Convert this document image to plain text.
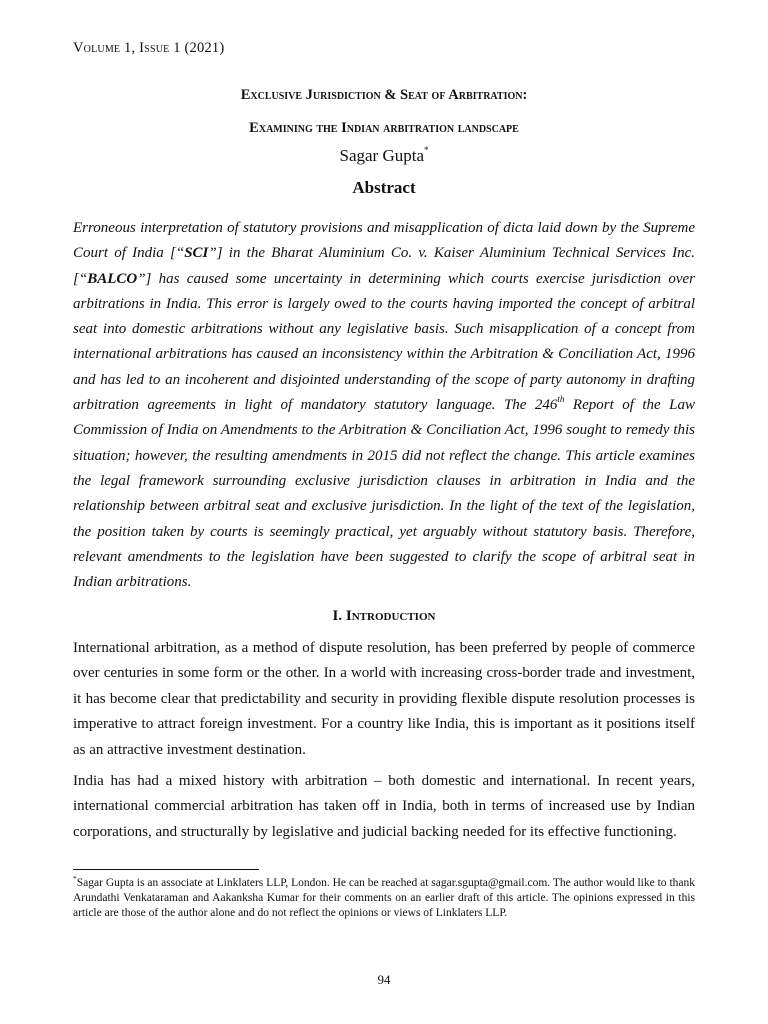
Volume 1, Issue 1 (2021)

Exclusive Jurisdiction & Seat of Arbitration:

Examining the Indian arbitration landscape

Sagar Gupta*
Abstract

Erroneous interpretation of statutory provisions and misapplication of dicta laid down by the Supreme Court of India [“SCI”] in the Bharat Aluminium Co. v. Kaiser Aluminium Technical Services Inc. [“BALCO”] has caused some uncertainty in determining which courts exercise jurisdiction over arbitrations in India. This error is largely owed to the courts having imported the concept of arbitral seat into domestic arbitrations without any legislative basis. Such misapplication of a concept from international arbitrations has caused an inconsistency within the Arbitration & Conciliation Act, 1996 and has led to an incoherent and disjointed understanding of the scope of party autonomy in drafting arbitration agreements in light of mandatory statutory language. The 246th Report of the Law Commission of India on Amendments to the Arbitration & Conciliation Act, 1996 sought to remedy this situation; however, the resulting amendments in 2015 did not reflect the change. This article examines the legal framework surrounding exclusive jurisdiction clauses in arbitration in India and the relationship between arbitral seat and exclusive jurisdiction. In the light of the text of the legislation, the position taken by courts is seemingly practical, yet arguably without statutory basis. Therefore, relevant amendments to the legislation have been suggested to clarify the scope of arbitral seat in Indian arbitrations.

I. Introduction

International arbitration, as a method of dispute resolution, has been preferred by people of commerce over centuries in some form or the other. In a world with increasing cross-border trade and investment, it has become clear that predictability and security in providing flexible dispute resolution processes is imperative to attract foreign investment. For a country like India, this is important as it positions itself as an attractive investment destination.

India has had a mixed history with arbitration – both domestic and international. In recent years, international commercial arbitration has taken off in India, both in terms of increased use by Indian corporations, and structurally by legislative and judicial backing needed for its effective functioning.

*Sagar Gupta is an associate at Linklaters LLP, London. He can be reached at sagar.sgupta@gmail.com. The author would like to thank Arundathi Venkataraman and Aakanksha Kumar for their comments on an earlier draft of this article. The opinions expressed in this article are those of the author alone and do not reflect the opinions or views of Linklaters LLP.

94
